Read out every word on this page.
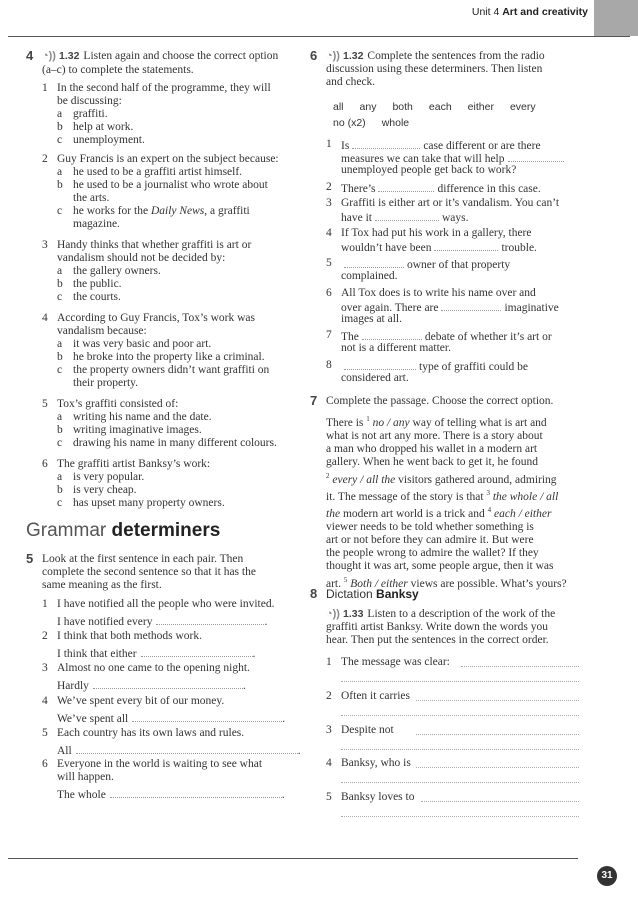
Unit 4 Art and creativity
4 ◔)) 1.32 Listen again and choose the correct option
(a–c) to complete the statements.
1 In the second half of the programme, they will
be discussing:
a graffiti.
b help at work.
c unemployment.
2 Guy Francis is an expert on the subject because:
a he used to be a graffiti artist himself.
b he used to be a journalist who wrote about
the arts.
c he works for the Daily News, a graffiti
magazine.
3 Handy thinks that whether graffiti is art or
vandalism should not be decided by:
a the gallery owners.
b the public.
c the courts.
4 According to Guy Francis, Tox’s work was
vandalism because:
a it was very basic and poor art.
b he broke into the property like a criminal.
c the property owners didn’t want graffiti on
their property.
5 Tox’s graffiti consisted of:
a writing his name and the date.
b writing imaginative images.
c drawing his name in many different colours.
6 The graffiti artist Banksy’s work:
a is very popular.
b is very cheap.
c has upset many property owners.
Grammar determiners
5 Look at the first sentence in each pair. Then
complete the second sentence so that it has the
same meaning as the first.
1 I have notified all the people who were invited.
I have notified every	.
2 I think that both methods work.
I think that either	.
3 Almost no one came to the opening night.
Hardly	.
4 We’ve spent every bit of our money.
We’ve spent all	.
5 Each country has its own laws and rules.
All	.
6 Everyone in the world is waiting to see what
will happen.
The whole	.
6 ◔)) 1.32 Complete the sentences from the radio
discussion using these determiners. Then listen
and check.
all any both each either every
no (x2) whole
1 Is	case different or are there
measures we can take that will help
unemployed people get back to work?
2 There’s	difference in this case.
3 Graffiti is either art or it’s vandalism. You can’t
have it	ways.
4 If Tox had put his work in a gallery, there
wouldn’t have been	trouble.
5	owner of that property
complained.
6 All Tox does is to write his name over and
over again. There are	imaginative
images at all.
7 The	debate of whether it’s art or
not is a different matter.
8	type of graffiti could be
considered art.
7 Complete the passage. Choose the correct option.
There is $^1$ no / any way of telling what is art and
what is not art any more. There is a story about
a man who dropped his wallet in a modern art
gallery. When he went back to get it, he found
$^2$ every / all the visitors gathered around, admiring
it. The message of the story is that $^3$ the whole / all
the modern art world is a trick and $^4$ each / either
viewer needs to be told whether something is
art or not before they can admire it. But were
the people wrong to admire the wallet? If they
thought it was art, some people argue, then it was
art. $^5$ Both / either views are possible. What’s yours?
8 Dictation Banksy
◔)) 1.33 Listen to a description of the work of the
graffiti artist Banksy. Write down the words you
hear. Then put the sentences in the correct order.
1 The message was clear:
2 Often it carries
3 Despite not
4 Banksy, who is
5 Banksy loves to
31
